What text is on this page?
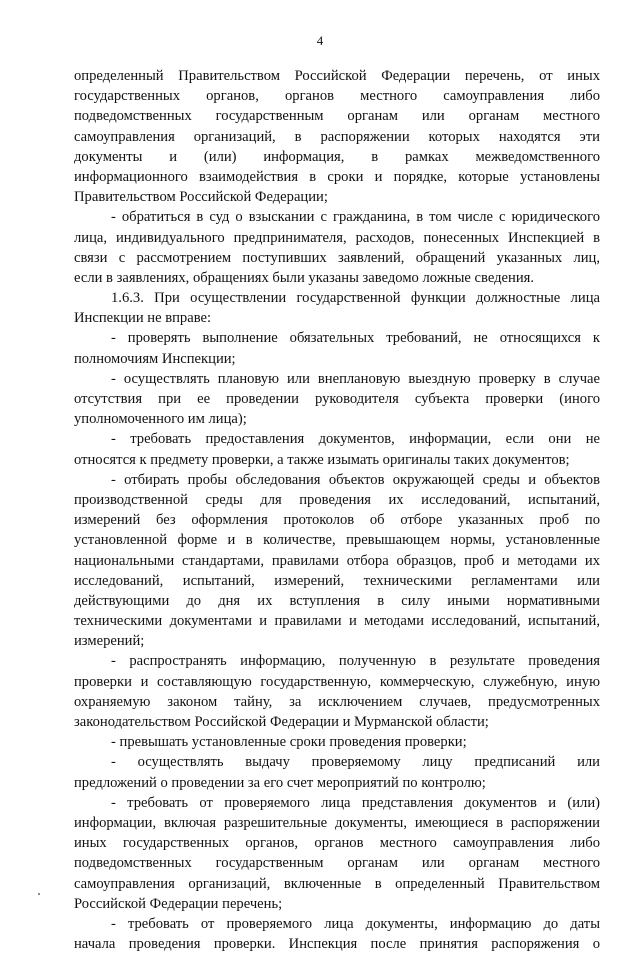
4
определенный Правительством Российской Федерации перечень, от иных
государственных органов, органов местного самоуправления либо
подведомственных государственным органам или органам местного
самоуправления организаций, в распоряжении которых находятся эти
документы и (или) информация, в рамках межведомственного
информационного взаимодействия в сроки и порядке, которые установлены
Правительством Российской Федерации;
- обратиться в суд о взыскании с гражданина, в том числе с юридического
лица, индивидуального предпринимателя, расходов, понесенных Инспекцией в
связи с рассмотрением поступивших заявлений, обращений указанных лиц,
если в заявлениях, обращениях были указаны заведомо ложные сведения.
1.6.3. При осуществлении государственной функции должностные лица
Инспекции не вправе:
- проверять выполнение обязательных требований, не относящихся к
полномочиям Инспекции;
- осуществлять плановую или внеплановую выездную проверку в случае
отсутствия при ее проведении руководителя субъекта проверки (иного
уполномоченного им лица);
- требовать предоставления документов, информации, если они не
относятся к предмету проверки, а также изымать оригиналы таких документов;
- отбирать пробы обследования объектов окружающей среды и объектов
производственной среды для проведения их исследований, испытаний,
измерений без оформления протоколов об отборе указанных проб по
установленной форме и в количестве, превышающем нормы, установленные
национальными стандартами, правилами отбора образцов, проб и методами их
исследований, испытаний, измерений, техническими регламентами или
действующими до дня их вступления в силу иными нормативными
техническими документами и правилами и методами исследований, испытаний,
измерений;
- распространять информацию, полученную в результате проведения
проверки и составляющую государственную, коммерческую, служебную, иную
охраняемую законом тайну, за исключением случаев, предусмотренных
законодательством Российской Федерации и Мурманской области;
- превышать установленные сроки проведения проверки;
- осуществлять выдачу проверяемому лицу предписаний или
предложений о проведении за его счет мероприятий по контролю;
- требовать от проверяемого лица представления документов и (или)
информации, включая разрешительные документы, имеющиеся в распоряжении
иных государственных органов, органов местного самоуправления либо
подведомственных государственным органам или органам местного
самоуправления организаций, включенные в определенный Правительством
Российской Федерации перечень;
- требовать от проверяемого лица документы, информацию до даты
начала проведения проверки. Инспекция после принятия распоряжения о
